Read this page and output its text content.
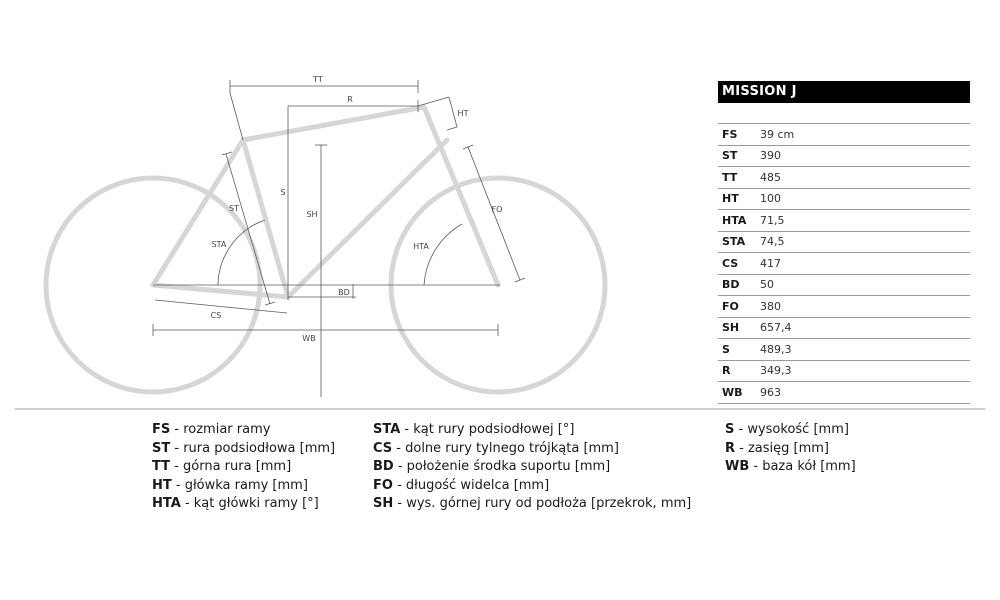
TT
R
HT
S
ST
SH
FO
STA	HTA
BD
CS
WB
MISSION J
FS	39 cm
ST	390
TT	485
HT	100
HTA	71,5
STA	74,5
CS	417
BD	50
FO	380
SH	657,4
S	489,3
R	349,3
WB	963
FS - rozmiar ramy
ST - rura podsiodłowa [mm]
TT - górna rura [mm]
HT - główka ramy [mm]
HTA - kąt główki ramy [°]
STA - kąt rury podsiodłowej [°]
CS - dolne rury tylnego trójkąta [mm]
BD - położenie środka suportu [mm]
FO - długość widelca [mm]
SH - wys. górnej rury od podłoża [przekrok, mm]
S - wysokość [mm]
R - zasięg [mm]
WB - baza kół [mm]
